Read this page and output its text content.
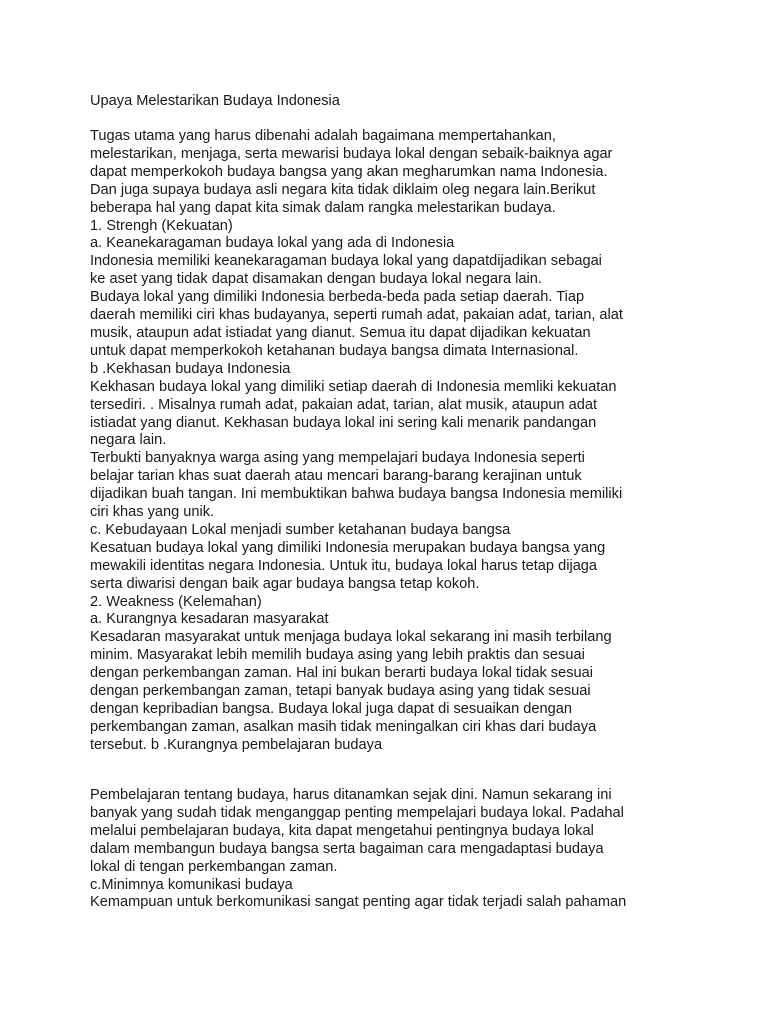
Upaya Melestarikan Budaya Indonesia
Tugas utama yang harus dibenahi adalah bagaimana mempertahankan,
melestarikan, menjaga, serta mewarisi budaya lokal dengan sebaik-baiknya agar
dapat memperkokoh budaya bangsa yang akan megharumkan nama Indonesia.
Dan juga supaya budaya asli negara kita tidak diklaim oleg negara lain.Berikut
beberapa hal yang dapat kita simak dalam rangka melestarikan budaya.
1. Strengh (Kekuatan)
a. Keanekaragaman budaya lokal yang ada di Indonesia
Indonesia memiliki keanekaragaman budaya lokal yang dapatdijadikan sebagai
ke aset yang tidak dapat disamakan dengan budaya lokal negara lain.
Budaya lokal yang dimiliki Indonesia berbeda-beda pada setiap daerah. Tiap
daerah memiliki ciri khas budayanya, seperti rumah adat, pakaian adat, tarian, alat
musik, ataupun adat istiadat yang dianut. Semua itu dapat dijadikan kekuatan
untuk dapat memperkokoh ketahanan budaya bangsa dimata Internasional.
b .Kekhasan budaya Indonesia
Kekhasan budaya lokal yang dimiliki setiap daerah di Indonesia memliki kekuatan
tersediri. . Misalnya rumah adat, pakaian adat, tarian, alat musik, ataupun adat
istiadat yang dianut. Kekhasan budaya lokal ini sering kali menarik pandangan
negara lain.
Terbukti banyaknya warga asing yang mempelajari budaya Indonesia seperti
belajar tarian khas suat daerah atau mencari barang-barang kerajinan untuk
dijadikan buah tangan. Ini membuktikan bahwa budaya bangsa Indonesia memiliki
ciri khas yang unik.
c. Kebudayaan Lokal menjadi sumber ketahanan budaya bangsa
Kesatuan budaya lokal yang dimiliki Indonesia merupakan budaya bangsa yang
mewakili identitas negara Indonesia. Untuk itu, budaya lokal harus tetap dijaga
serta diwarisi dengan baik agar budaya bangsa tetap kokoh.
2. Weakness (Kelemahan)
a. Kurangnya kesadaran masyarakat
Kesadaran masyarakat untuk menjaga budaya lokal sekarang ini masih terbilang
minim. Masyarakat lebih memilih budaya asing yang lebih praktis dan sesuai
dengan perkembangan zaman. Hal ini bukan berarti budaya lokal tidak sesuai
dengan perkembangan zaman, tetapi banyak budaya asing yang tidak sesuai
dengan kepribadian bangsa. Budaya lokal juga dapat di sesuaikan dengan
perkembangan zaman, asalkan masih tidak meningalkan ciri khas dari budaya
tersebut. b .Kurangnya pembelajaran budaya
Pembelajaran tentang budaya, harus ditanamkan sejak dini. Namun sekarang ini
banyak yang sudah tidak menganggap penting mempelajari budaya lokal. Padahal
melalui pembelajaran budaya, kita dapat mengetahui pentingnya budaya lokal
dalam membangun budaya bangsa serta bagaiman cara mengadaptasi budaya
lokal di tengan perkembangan zaman.
c.Minimnya komunikasi budaya
Kemampuan untuk berkomunikasi sangat penting agar tidak terjadi salah pahaman
